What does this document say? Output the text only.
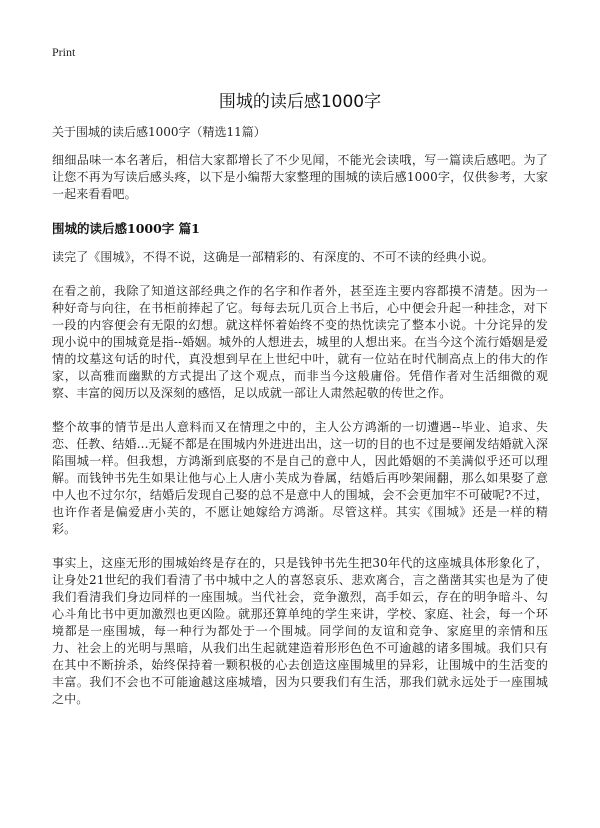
Print
围城的读后感1000字
关于围城的读后感1000字（精选11篇）

细细品味一本名著后，相信大家都增长了不少见闻，不能光会读哦，写一篇读后感吧。为了让您不再为写读后感头疼，以下是小编帮大家整理的围城的读后感1000字，仅供参考，大家一起来看看吧。

围城的读后感1000字 篇1

读完了《围城》，不得不说，这确是一部精彩的、有深度的、不可不读的经典小说。

在看之前，我除了知道这部经典之作的名字和作者外，甚至连主要内容都摸不清楚。因为一种好奇与向往，在书柜前捧起了它。每每去玩几页合上书后，心中便会升起一种挂念，对下一段的内容便会有无限的幻想。就这样怀着始终不变的热忱读完了整本小说。十分诧异的发现小说中的围城竟是指--婚姻。城外的人想进去，城里的人想出来。在当今这个流行婚姻是爱情的坟墓这句话的时代，真没想到早在上世纪中叶，就有一位站在时代制高点上的伟大的作家，以高雅而幽默的方式提出了这个观点，而非当今这般庸俗。凭借作者对生活细微的观察、丰富的阅历以及深刻的感悟，足以成就一部让人肃然起敬的传世之作。

整个故事的情节是出人意料而又在情理之中的，主人公方鸿渐的一切遭遇--毕业、追求、失恋、任教、结婚...无疑不都是在围城内外进进出出，这一切的目的也不过是要阐发结婚就入深陷围城一样。但我想，方鸿渐到底娶的不是自己的意中人，因此婚姻的不美满似乎还可以理解。而钱钟书先生如果让他与心上人唐小芙成为眷属，结婚后再吵架闹翻，那么如果娶了意中人也不过尔尔，结婚后发现自己娶的总不是意中人的围城，会不会更加牢不可破呢?不过，也许作者是偏爱唐小芙的，不愿让她嫁给方鸿渐。尽管这样。其实《围城》还是一样的精彩。

事实上，这座无形的围城始终是存在的，只是钱钟书先生把30年代的这座城具体形象化了，让身处21世纪的我们看清了书中城中之人的喜怒哀乐、悲欢离合，言之凿凿其实也是为了使我们看清我们身边同样的一座围城。当代社会，竞争激烈，高手如云，存在的明争暗斗、勾心斗角比书中更加激烈也更凶险。就那还算单纯的学生来讲，学校、家庭、社会，每一个环境都是一座围城，每一种行为都处于一个围城。同学间的友谊和竞争、家庭里的亲情和压力、社会上的光明与黑暗，从我们出生起就建造着形形色色不可逾越的诸多围城。我们只有在其中不断拚杀，始终保持着一颗积极的心去创造这座围城里的异彩，让围城中的生活变的丰富。我们不会也不可能逾越这座城墙，因为只要我们有生活，那我们就永远处于一座围城之中。
